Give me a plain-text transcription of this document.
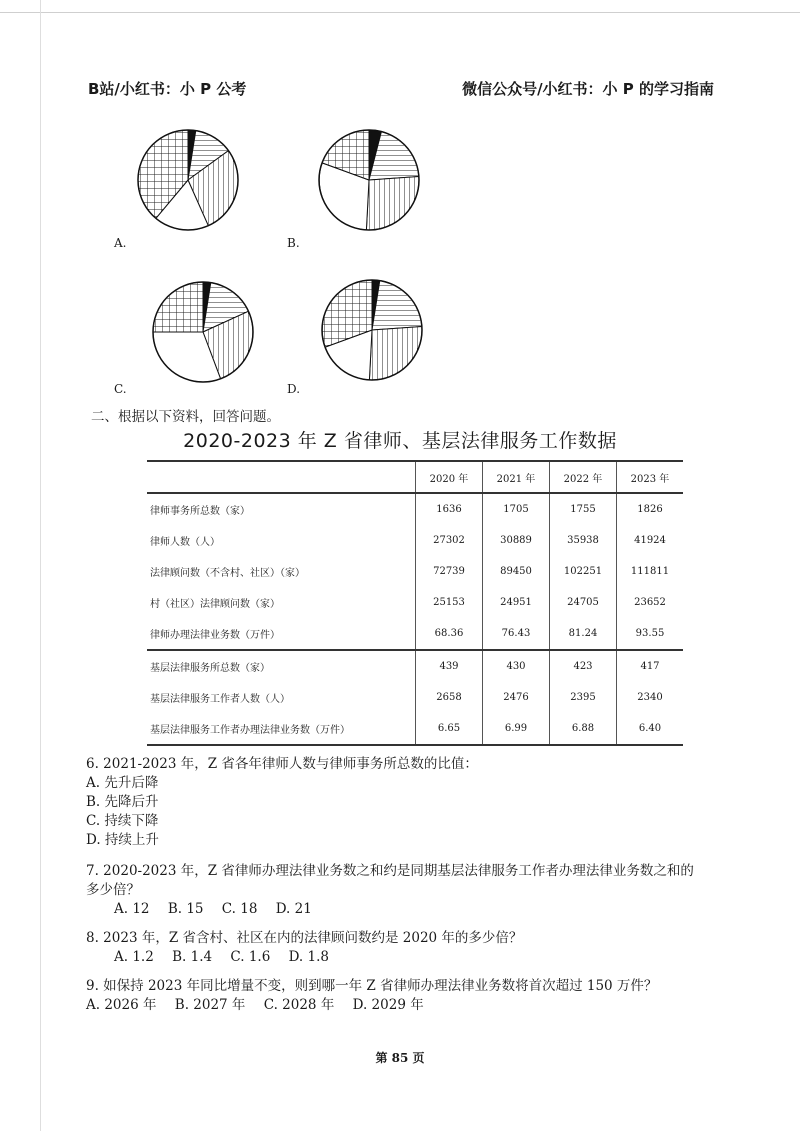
B站/小红书：小 P 公考	微信公众号/小红书：小 P 的学习指南
A.	B.
C.	D.
二、根据以下资料，回答问题。
2020-2023 年 Z 省律师、基层法律服务工作数据
	2020 年	2021 年	2022 年	2023 年
律师事务所总数（家）	1636	1705	1755	1826
律师人数（人）	27302	30889	35938	41924
法律顾问数（不含村、社区）（家）	72739	89450	102251	111811
村（社区）法律顾问数（家）	25153	24951	24705	23652
律师办理法律业务数（万件）	68.36	76.43	81.24	93.55
基层法律服务所总数（家）	439	430	423	417
基层法律服务工作者人数（人）	2658	2476	2395	2340
基层法律服务工作者办理法律业务数（万件）	6.65	6.99	6.88	6.40
6. 2021-2023 年，Z 省各年律师人数与律师事务所总数的比值：
A. 先升后降
B. 先降后升
C. 持续下降
D. 持续上升
7. 2020-2023 年，Z 省律师办理法律业务数之和约是同期基层法律服务工作者办理法律业务数之和的
多少倍？
A. 12 B. 15 C. 18 D. 21
8. 2023 年，Z 省含村、社区在内的法律顾问数约是 2020 年的多少倍？
A. 1.2 B. 1.4 C. 1.6 D. 1.8
9. 如保持 2023 年同比增量不变，则到哪一年 Z 省律师办理法律业务数将首次超过 150 万件？
A. 2026 年 B. 2027 年 C. 2028 年 D. 2029 年
第 85 页
